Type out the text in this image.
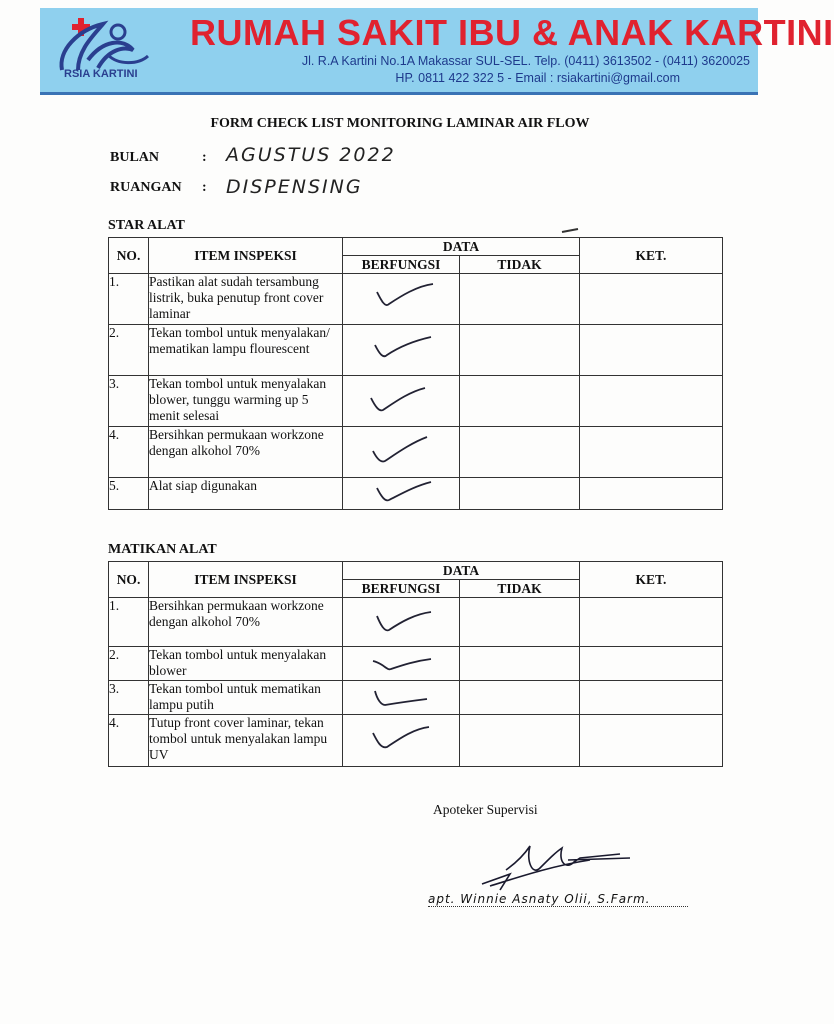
RSIA KARTINI
RUMAH SAKIT IBU & ANAK KARTINI
Jl. R.A Kartini No.1A Makassar SUL-SEL. Telp. (0411) 3613502 - (0411) 3620025
HP. 0811 422 322 5 - Email : rsiakartini@gmail.com
FORM CHECK LIST MONITORING LAMINAR AIR FLOW
BULAN	: AGUSTUS 2022
RUANGAN : DISPENSING
STAR ALAT
NO.	ITEM INSPEKSI	DATA		KET.
		BERFUNGSI	TIDAK	
1.	Pastikan alat sudah tersambung listrik, buka penutup front cover laminar	

2.	Tekan tombol untuk menyalakan/ mematikan lampu flourescent	

3.	Tekan tombol untuk menyalakan blower, tunggu warming up 5 menit selesai	

4.	Bersihkan permukaan workzone dengan alkohol 70%	

5.	Alat siap digunakan	

MATIKAN ALAT
NO.	ITEM INSPEKSI	DATA		KET.
		BERFUNGSI	TIDAK	
1.	Bersihkan permukaan workzone dengan alkohol 70%	

2.	Tekan tombol untuk menyalakan blower	

3.	Tekan tombol untuk mematikan lampu putih	

4.	Tutup front cover laminar, tekan tombol untuk menyalakan lampu UV	

Apoteker Supervisi
apt. Winnie Asnaty Olii, S.Farm.
